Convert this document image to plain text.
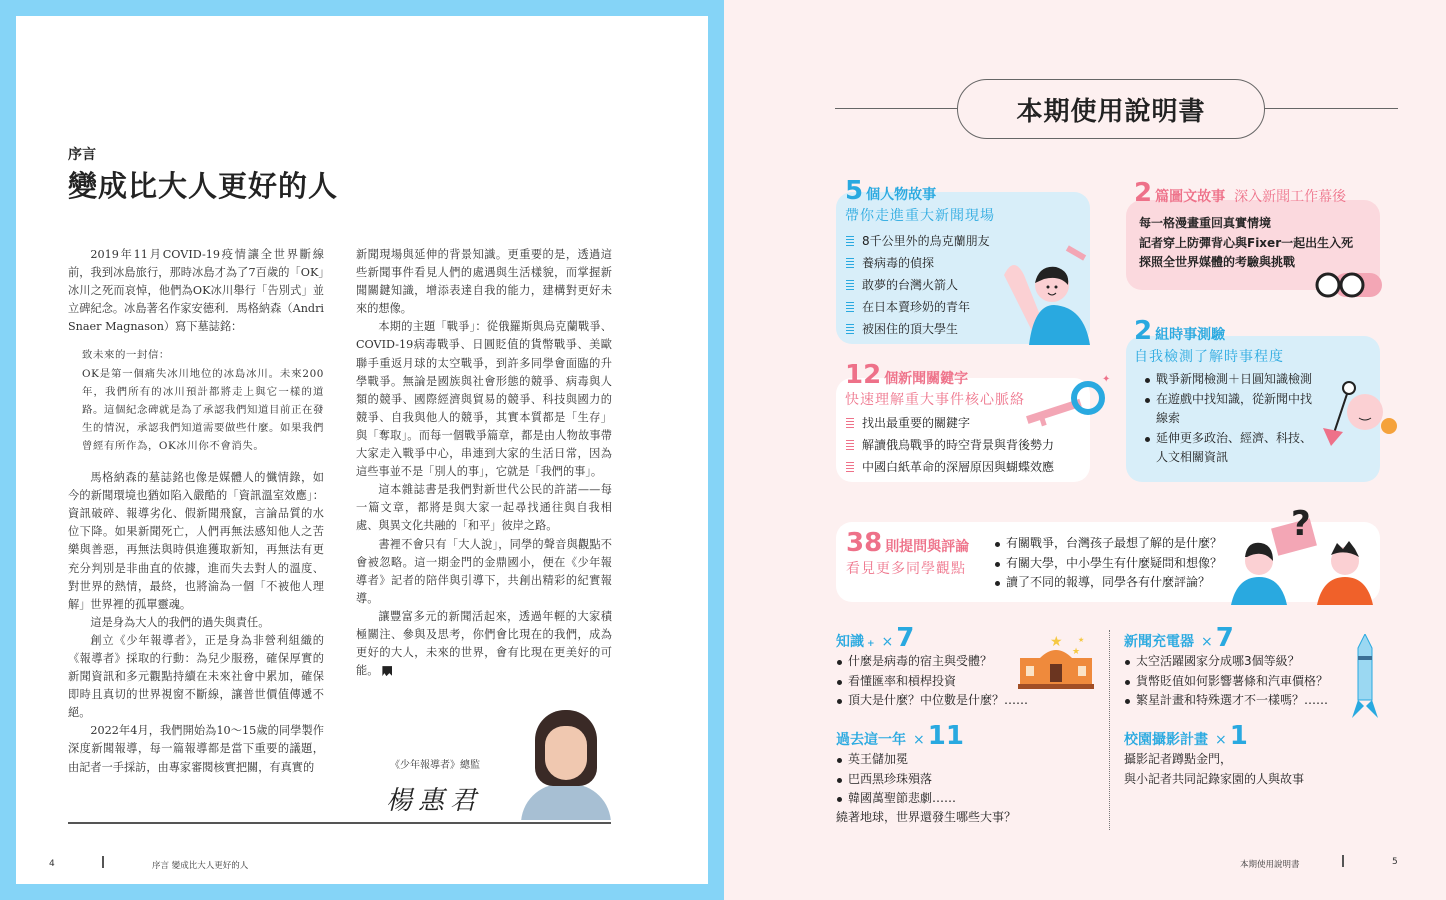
序言
變成比大人更好的人

2019年11月COVID-19疫情讓全世界斷線前，我到冰島旅行，那時冰島才為了7百歲的「OK」冰川之死而哀悼，他們為OK冰川舉行「告別式」並立碑紀念。冰島著名作家安德利．馬格納森（Andri Snaer Magnason）寫下墓誌銘：

致未來的一封信：
OK是第一個痛失冰川地位的冰島冰川。未來200年，我們所有的冰川預計都將走上與它一樣的道路。這個紀念碑就是為了承認我們知道目前正在發生的情況，承認我們知道需要做些什麼。如果我們曾經有所作為，OK冰川你不會消失。

馬格納森的墓誌銘也像是媒體人的懺情錄，如今的新聞環境也猶如陷入嚴酷的「資訊溫室效應」：資訊破碎、報導劣化、假新聞飛竄，言論品質的水位下降。如果新聞死亡，人們再無法感知他人之苦樂與善惡，再無法與時俱進獲取新知，再無法有更充分判別是非曲直的依據，進而失去對人的溫度、對世界的熱情，最終，也將淪為一個「不被他人理解」世界裡的孤單靈魂。

這是身為大人的我們的過失與責任。

創立《少年報導者》，正是身為非營利組織的《報導者》採取的行動：為兒少服務，確保厚實的新聞資訊和多元觀點持續在未來社會中累加，確保即時且真切的世界視窗不斷線，讓普世價值傳遞不絕。

2022年4月，我們開始為10～15歲的同學製作深度新聞報導，每一篇報導都是當下重要的議題，由記者一手採訪，由專家審閱核實把關，有真實的

新聞現場與延伸的背景知識。更重要的是，透過這些新聞事件看見人們的處遇與生活樣貌，而掌握新聞關鍵知識，增添表達自我的能力，建構對更好未來的想像。

本期的主題「戰爭」：從俄羅斯與烏克蘭戰爭、COVID-19病毒戰爭、日圓貶值的貨幣戰爭、美歐聯手重返月球的太空戰爭，到許多同學會面臨的升學戰爭。無論是國族與社會形態的競爭、病毒與人類的競爭、國際經濟與貿易的競爭、科技與國力的競爭、自我與他人的競爭，其實本質都是「生存」與「奪取」。而每一個戰爭篇章，都是由人物故事帶大家走入戰爭中心，串連到大家的生活日常，因為這些事並不是「別人的事」，它就是「我們的事」。

這本雜誌書是我們對新世代公民的許諾——每一篇文章，都將是與大家一起尋找通往與自我相處、與異文化共融的「和平」彼岸之路。

書裡不會只有「大人說」，同學的聲音與觀點不會被忽略。這一期金門的金鼎國小，便在《少年報導者》記者的陪伴與引導下，共創出精彩的紀實報導。

讓豐富多元的新聞活起來，透過年輕的大家積極關注、參與及思考，你們會比現在的我們，成為更好的大人，未來的世界，會有比現在更美好的可能。

《少年報導者》總監
楊惠君
4	序言 變成比大人更好的人
本期使用說明書
5 個人物故事
帶你走進重大新聞現場
8千公里外的烏克蘭朋友
養病毒的偵探
敢夢的台灣火箭人
在日本賣珍奶的青年
被困住的頂大學生
2 篇圖文故事 深入新聞工作幕後
每一格漫畫重回真實情境
記者穿上防彈背心與Fixer一起出生入死
探照全世界媒體的考驗與挑戰
12 個新聞關鍵字
快速理解重大事件核心脈絡
找出最重要的關鍵字
解讀俄烏戰爭的時空背景與背後勢力
中國白紙革命的深層原因與蝴蝶效應
✦
2 組時事測驗
自我檢測了解時事程度
戰爭新聞檢測＋日圓知識檢測
在遊戲中找知識，從新聞中找線索
延伸更多政治、經濟、科技、人文相關資訊
38 則提問與評論
看見更多同學觀點
有關戰爭，台灣孩子最想了解的是什麼？
有關大學，中小學生有什麼疑問和想像？
讀了不同的報導，同學各有什麼評論？
?
知識 + × 7
什麼是病毒的宿主與受體？
看懂匯率和槓桿投資
頂大是什麼？中位數是什麼？……
★
★
★	新聞充電器 × 7
太空活躍國家分成哪3個等級？
貨幣貶值如何影響薯條和汽車價格？
繁星計畫和特殊選才不一樣嗎？……
過去這一年 × 11
英王儲加冕
巴西黑珍珠殞落
韓國萬聖節悲劇……
繞著地球，世界還發生哪些大事？
校園攝影計畫 × 1
攝影記者蹲點金門，
與小記者共同記錄家園的人與故事
本期使用說明書	5
